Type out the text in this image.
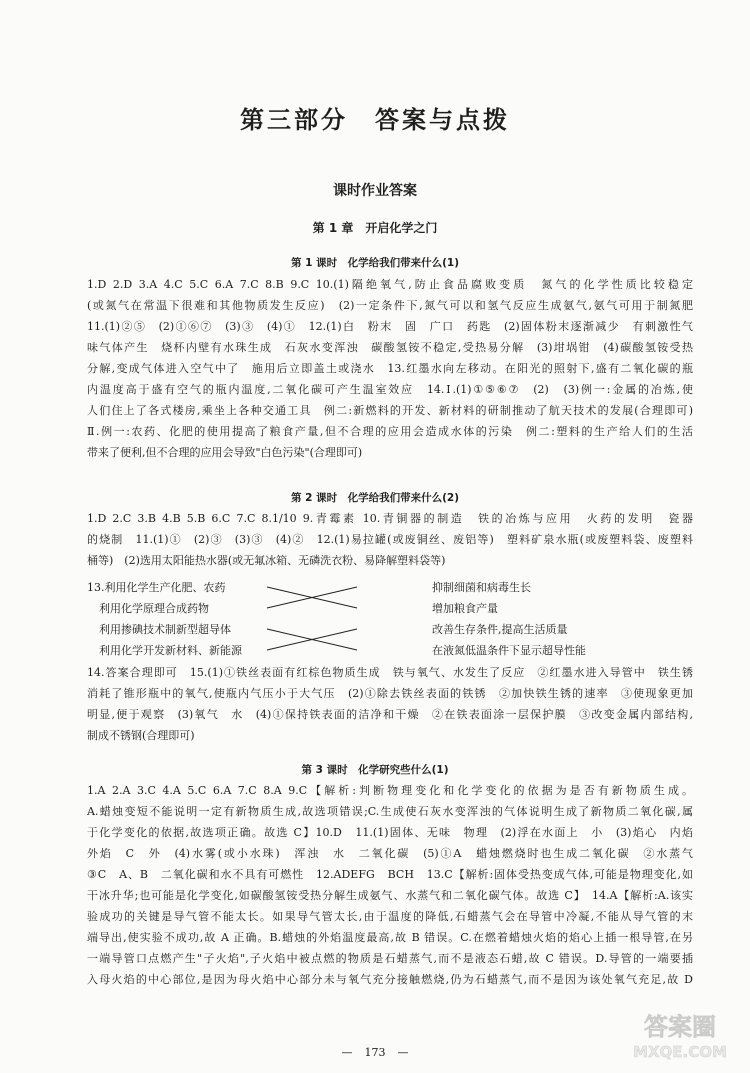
第三部分　答案与点拨
课时作业答案
第 1 章　开启化学之门
第 1 课时　化学给我们带来什么(1)
1.D 2.D 3.A 4.C 5.C 6.A 7.C 8.B 9.C 10.(1)隔绝氧气,防止食品腐败变质　氮气的化学性质比较稳定
(或氮气在常温下很难和其他物质发生反应)　(2)一定条件下,氮气可以和氢气反应生成氨气,氨气可用于制氮肥
11.(1)②⑤　(2)①⑥⑦　(3)③　(4)①　12.(1)白　粉末　固　广口　药匙　(2)固体粉末逐渐减少　有刺激性气
味气体产生　烧杯内壁有水珠生成　石灰水变浑浊　碳酸氢铵不稳定,受热易分解　(3)坩埚钳　(4)碳酸氢铵受热
分解,变成气体进入空气中了　施用后立即盖土或浇水　13.红墨水向左移动。在阳光的照射下,盛有二氧化碳的瓶
内温度高于盛有空气的瓶内温度,二氧化碳可产生温室效应　14.Ⅰ.(1)①⑤⑥⑦　(2)　(3)例一:金属的冶炼,使
人们住上了各式楼房,乘坐上各种交通工具　例二:新燃料的开发、新材料的研制推动了航天技术的发展(合理即可)
Ⅱ.例一:农药、化肥的使用提高了粮食产量,但不合理的应用会造成水体的污染　例二:塑料的生产给人们的生活
带来了便利,但不合理的应用会导致"白色污染"(合理即可)
第 2 课时　化学给我们带来什么(2)
1.D 2.C 3.B 4.B 5.B 6.C 7.C 8.1/10 9.青霉素 10.青铜器的制造　铁的冶炼与应用　火药的发明　瓷器
的烧制　11.(1)①　(2)③　(3)③　(4)②　12.(1)易拉罐(或废铜丝、废铝等)　塑料矿泉水瓶(或废塑料袋、废塑料
桶等)　(2)选用太阳能热水器(或无氟冰箱、无磷洗衣粉、易降解塑料袋等)
13.利用化学生产化肥、农药
利用化学原理合成药物
利用掺碘技术制新型超导体
利用化学开发新材料、新能源
抑制细菌和病毒生长
增加粮食产量
改善生存条件,提高生活质量
在液氮低温条件下显示超导性能
14.答案合理即可　15.(1)①铁丝表面有红棕色物质生成　铁与氧气、水发生了反应　②红墨水进入导管中　铁生锈
消耗了锥形瓶中的氧气,使瓶内气压小于大气压　(2)①除去铁丝表面的铁锈　②加快铁生锈的速率　③使现象更加
明显,便于观察　(3)氧气　水　(4)①保持铁表面的洁净和干燥　②在铁表面涂一层保护膜　③改变金属内部结构,
制成不锈钢(合理即可)
第 3 课时　化学研究些什么(1)
1.A 2.A 3.C 4.A 5.C 6.A 7.C 8.A 9.C【解析:判断物理变化和化学变化的依据为是否有新物质生成。
A.蜡烛变短不能说明一定有新物质生成,故选项错误;C.生成使石灰水变浑浊的气体说明生成了新物质二氧化碳,属
于化学变化的依据,故选项正确。故选 C】10.D　11.(1)固体、无味　物理　(2)浮在水面上　小　(3)焰心　内焰
外焰　C　外　(4)水雾(或小水珠)　浑浊　水　二氧化碳　(5)①A　蜡烛燃烧时也生成二氧化碳　②水蒸气
③C　A、B　二氧化碳和水不具有可燃性　12.ADEFG　BCH　13.C【解析:固体受热变成气体,可能是物理变化,如
干冰升华;也可能是化学变化,如碳酸氢铵受热分解生成氨气、水蒸气和二氧化碳气体。故选 C】　14.A【解析:A.该实
验成功的关键是导气管不能太长。如果导气管太长,由于温度的降低,石蜡蒸气会在导管中冷凝,不能从导气管的末
端导出,使实验不成功,故 A 正确。B.蜡烛的外焰温度最高,故 B 错误。C.在燃着蜡烛火焰的焰心上插一根导管,在另
一端导管口点燃产生"子火焰",子火焰中被点燃的物质是石蜡蒸气,而不是液态石蜡,故 C 错误。D.导管的一端要插
入母火焰的中心部位,是因为母火焰中心部分未与氧气充分接触燃烧,仍为石蜡蒸气,而不是因为该处氧气充足,故 D
— 173 —
答案圈
MXQE.COM
